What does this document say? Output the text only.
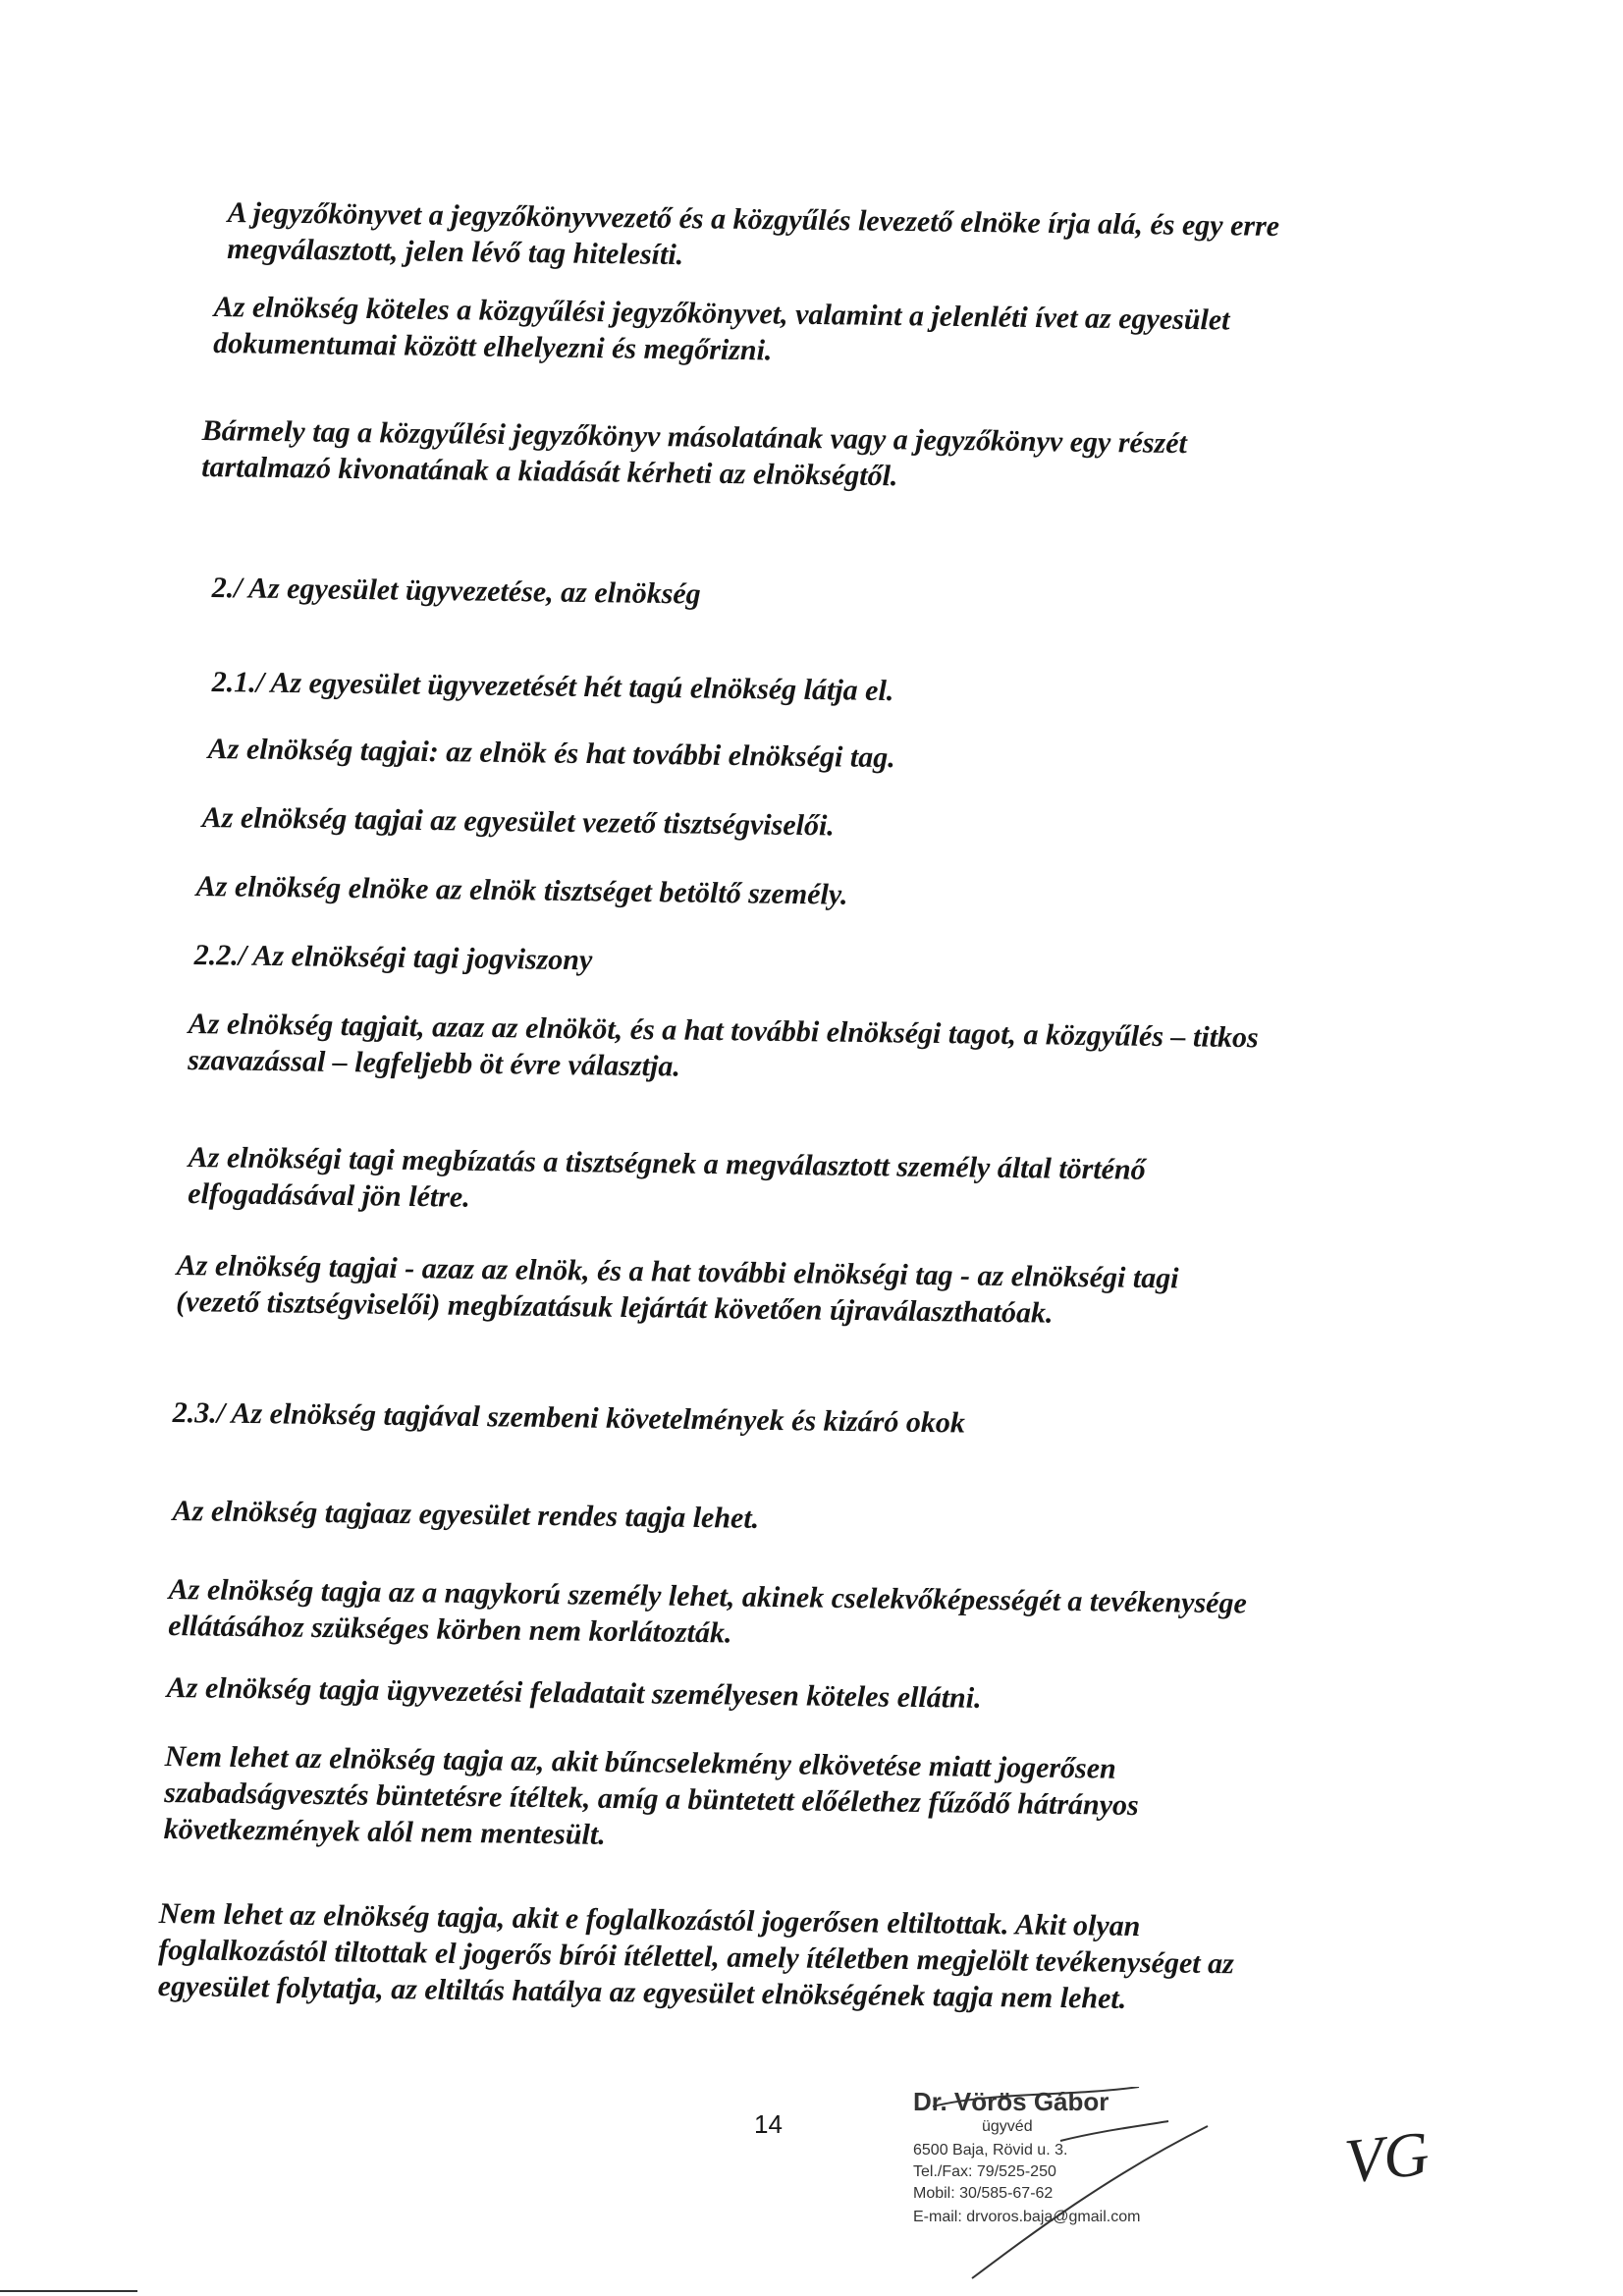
A jegyzőkönyvet a jegyzőkönyvvezető és a közgyűlés levezető elnöke írja alá, és egy erre

megválasztott, jelen lévő tag hitelesíti.

Az elnökség köteles a közgyűlési jegyzőkönyvet, valamint a jelenléti ívet az egyesület

dokumentumai között elhelyezni és megőrizni.

Bármely tag a közgyűlési jegyzőkönyv másolatának vagy a jegyzőkönyv egy részét

tartalmazó kivonatának a kiadását kérheti az elnökségtől.

2./ Az egyesület ügyvezetése, az elnökség

2.1./ Az egyesület ügyvezetését hét tagú elnökség látja el.

Az elnökség tagjai: az elnök és hat további elnökségi tag.

Az elnökség tagjai az egyesület vezető tisztségviselői.

Az elnökség elnöke az elnök tisztséget betöltő személy.

2.2./ Az elnökségi tagi jogviszony

Az elnökség tagjait, azaz az elnököt, és a hat további elnökségi tagot, a közgyűlés – titkos

szavazással – legfeljebb öt évre választja.

Az elnökségi tagi megbízatás a tisztségnek a megválasztott személy által történő

elfogadásával jön létre.

Az elnökség tagjai - azaz az elnök, és a hat további elnökségi tag - az elnökségi tagi

(vezető tisztségviselői) megbízatásuk lejártát követően újraválaszthatóak.

2.3./ Az elnökség tagjával szembeni követelmények és kizáró okok

Az elnökség tagjaaz egyesület rendes tagja lehet.

Az elnökség tagja az a nagykorú személy lehet, akinek cselekvőképességét a tevékenysége

ellátásához szükséges körben nem korlátozták.

Az elnökség tagja ügyvezetési feladatait személyesen köteles ellátni.

Nem lehet az elnökség tagja az, akit bűncselekmény elkövetése miatt jogerősen

szabadságvesztés büntetésre ítéltek, amíg a büntetett előélethez fűződő hátrányos

következmények alól nem mentesült.

Nem lehet az elnökség tagja, akit e foglalkozástól jogerősen eltiltottak. Akit olyan

foglalkozástól tiltottak el jogerős bírói ítélettel, amely ítéletben megjelölt tevékenységet az

egyesület folytatja, az eltiltás hatálya az egyesület elnökségének tagja nem lehet.

14
Dr. Vörös Gábor
ügyvéd
6500 Baja, Rövid u. 3.
Tel./Fax: 79/525-250
Mobil: 30/585-67-62
E-mail: drvoros.baja@gmail.com
VG
